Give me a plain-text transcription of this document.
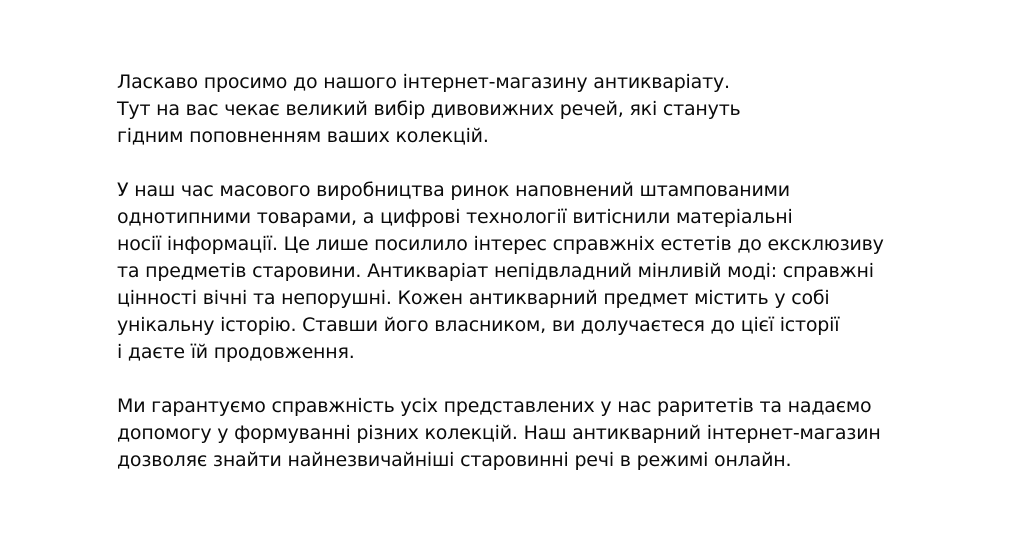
Ласкаво просимо до нашого інтернет-магазину антикваріату.
Тут на вас чекає великий вибір дивовижних речей, які стануть
гідним поповненням ваших колекцій.

У наш час масового виробництва ринок наповнений штампованими
однотипними товарами, а цифрові технології витіснили матеріальні
носії інформації. Це лише посилило інтерес справжніх естетів до ексклюзиву
та предметів старовини. Антикваріат непідвладний мінливій моді: справжні
цінності вічні та непорушні. Кожен антикварний предмет містить у собі
унікальну історію. Ставши його власником, ви долучаєтеся до цієї історії
і даєте їй продовження.

Ми гарантуємо справжність усіх представлених у нас раритетів та надаємо
допомогу у формуванні різних колекцій. Наш антикварний інтернет-магазин
дозволяє знайти найнезвичайніші старовинні речі в режимі онлайн.
